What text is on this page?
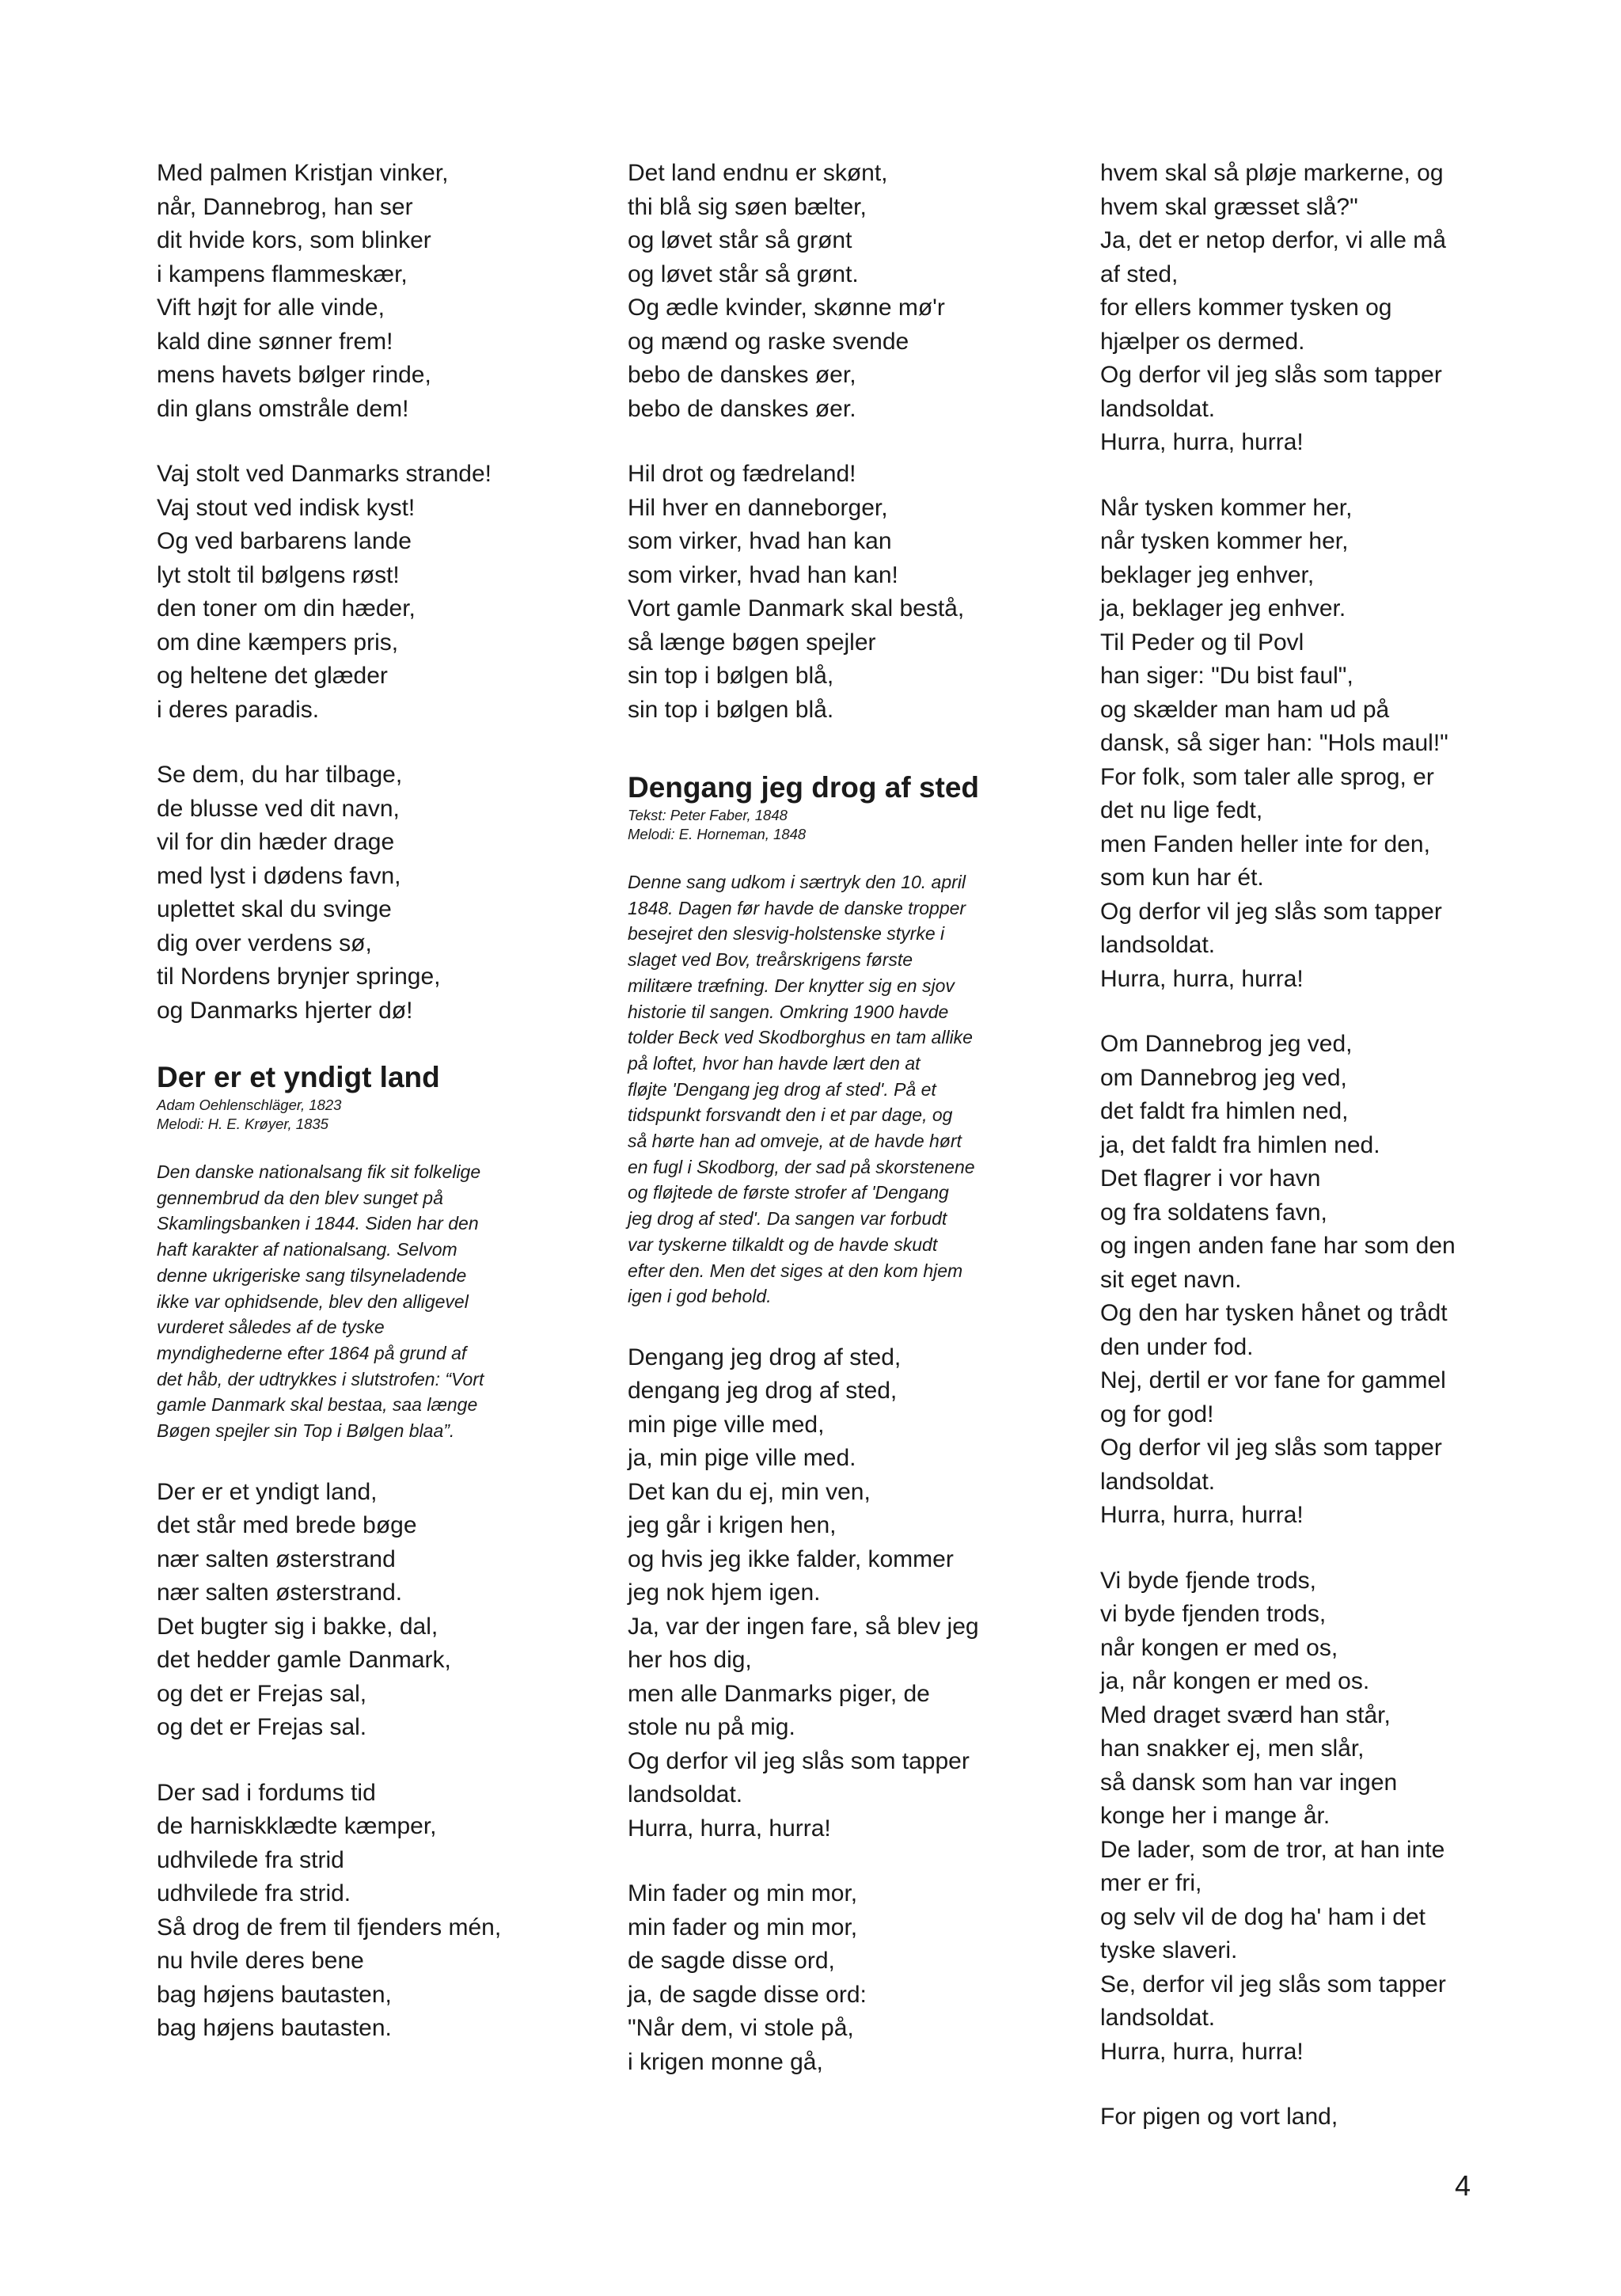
Med palmen Kristjan vinker,
når, Dannebrog, han ser
dit hvide kors, som blinker
i kampens flammeskær,
Vift højt for alle vinde,
kald dine sønner frem!
mens havets bølger rinde,
din glans omstråle dem!
Vaj stolt ved Danmarks strande!
Vaj stout ved indisk kyst!
Og ved barbarens lande
lyt stolt til bølgens røst!
den toner om din hæder,
om dine kæmpers pris,
og heltene det glæder
i deres paradis.
Se dem, du har tilbage,
de blusse ved dit navn,
vil for din hæder drage
med lyst i dødens favn,
uplettet skal du svinge
dig over verdens sø,
til Nordens brynjer springe,
og Danmarks hjerter dø!
Der er et yndigt land
Adam Oehlenschläger, 1823
Melodi: H. E. Krøyer, 1835
Den danske nationalsang fik sit folkelige
gennembrud da den blev sunget på
Skamlingsbanken i 1844. Siden har den
haft karakter af nationalsang. Selvom
denne ukrigeriske sang tilsyneladende
ikke var ophidsende, blev den alligevel
vurderet således af de tyske
myndighederne efter 1864 på grund af
det håb, der udtrykkes i slutstrofen: “Vort
gamle Danmark skal bestaa, saa længe
Bøgen spejler sin Top i Bølgen blaa”.
Der er et yndigt land,
det står med brede bøge
nær salten østerstrand
nær salten østerstrand.
Det bugter sig i bakke, dal,
det hedder gamle Danmark,
og det er Frejas sal,
og det er Frejas sal.
Der sad i fordums tid
de harniskklædte kæmper,
udhvilede fra strid
udhvilede fra strid.
Så drog de frem til fjenders mén,
nu hvile deres bene
bag højens bautasten,
bag højens bautasten.
Det land endnu er skønt,
thi blå sig søen bælter,
og løvet står så grønt
og løvet står så grønt.
Og ædle kvinder, skønne mø'r
og mænd og raske svende
bebo de danskes øer,
bebo de danskes øer.
Hil drot og fædreland!
Hil hver en danneborger,
som virker, hvad han kan
som virker, hvad han kan!
Vort gamle Danmark skal bestå,
så længe bøgen spejler
sin top i bølgen blå,
sin top i bølgen blå.
Dengang jeg drog af sted
Tekst: Peter Faber, 1848
Melodi: E. Horneman, 1848
Denne sang udkom i særtryk den 10. april
1848. Dagen før havde de danske tropper
besejret den slesvig-holstenske styrke i
slaget ved Bov, treårskrigens første
militære træfning. Der knytter sig en sjov
historie til sangen. Omkring 1900 havde
tolder Beck ved Skodborghus en tam allike
på loftet, hvor han havde lært den at
fløjte 'Dengang jeg drog af sted'. På et
tidspunkt forsvandt den i et par dage, og
så hørte han ad omveje, at de havde hørt
en fugl i Skodborg, der sad på skorstenene
og fløjtede de første strofer af 'Dengang
jeg drog af sted'. Da sangen var forbudt
var tyskerne tilkaldt og de havde skudt
efter den. Men det siges at den kom hjem
igen i god behold.
Dengang jeg drog af sted,
dengang jeg drog af sted,
min pige ville med,
ja, min pige ville med.
Det kan du ej, min ven,
jeg går i krigen hen,
og hvis jeg ikke falder, kommer
jeg nok hjem igen.
Ja, var der ingen fare, så blev jeg
her hos dig,
men alle Danmarks piger, de
stole nu på mig.
Og derfor vil jeg slås som tapper
landsoldat.
Hurra, hurra, hurra!
Min fader og min mor,
min fader og min mor,
de sagde disse ord,
ja, de sagde disse ord:
"Når dem, vi stole på,
i krigen monne gå,
hvem skal så pløje markerne, og
hvem skal græsset slå?"
Ja, det er netop derfor, vi alle må
af sted,
for ellers kommer tysken og
hjælper os dermed.
Og derfor vil jeg slås som tapper
landsoldat.
Hurra, hurra, hurra!
Når tysken kommer her,
når tysken kommer her,
beklager jeg enhver,
ja, beklager jeg enhver.
Til Peder og til Povl
han siger: "Du bist faul",
og skælder man ham ud på
dansk, så siger han: "Hols maul!"
For folk, som taler alle sprog, er
det nu lige fedt,
men Fanden heller inte for den,
som kun har ét.
Og derfor vil jeg slås som tapper
landsoldat.
Hurra, hurra, hurra!
Om Dannebrog jeg ved,
om Dannebrog jeg ved,
det faldt fra himlen ned,
ja, det faldt fra himlen ned.
Det flagrer i vor havn
og fra soldatens favn,
og ingen anden fane har som den
sit eget navn.
Og den har tysken hånet og trådt
den under fod.
Nej, dertil er vor fane for gammel
og for god!
Og derfor vil jeg slås som tapper
landsoldat.
Hurra, hurra, hurra!
Vi byde fjende trods,
vi byde fjenden trods,
når kongen er med os,
ja, når kongen er med os.
Med draget sværd han står,
han snakker ej, men slår,
så dansk som han var ingen
konge her i mange år.
De lader, som de tror, at han inte
mer er fri,
og selv vil de dog ha' ham i det
tyske slaveri.
Se, derfor vil jeg slås som tapper
landsoldat.
Hurra, hurra, hurra!
For pigen og vort land,
4
